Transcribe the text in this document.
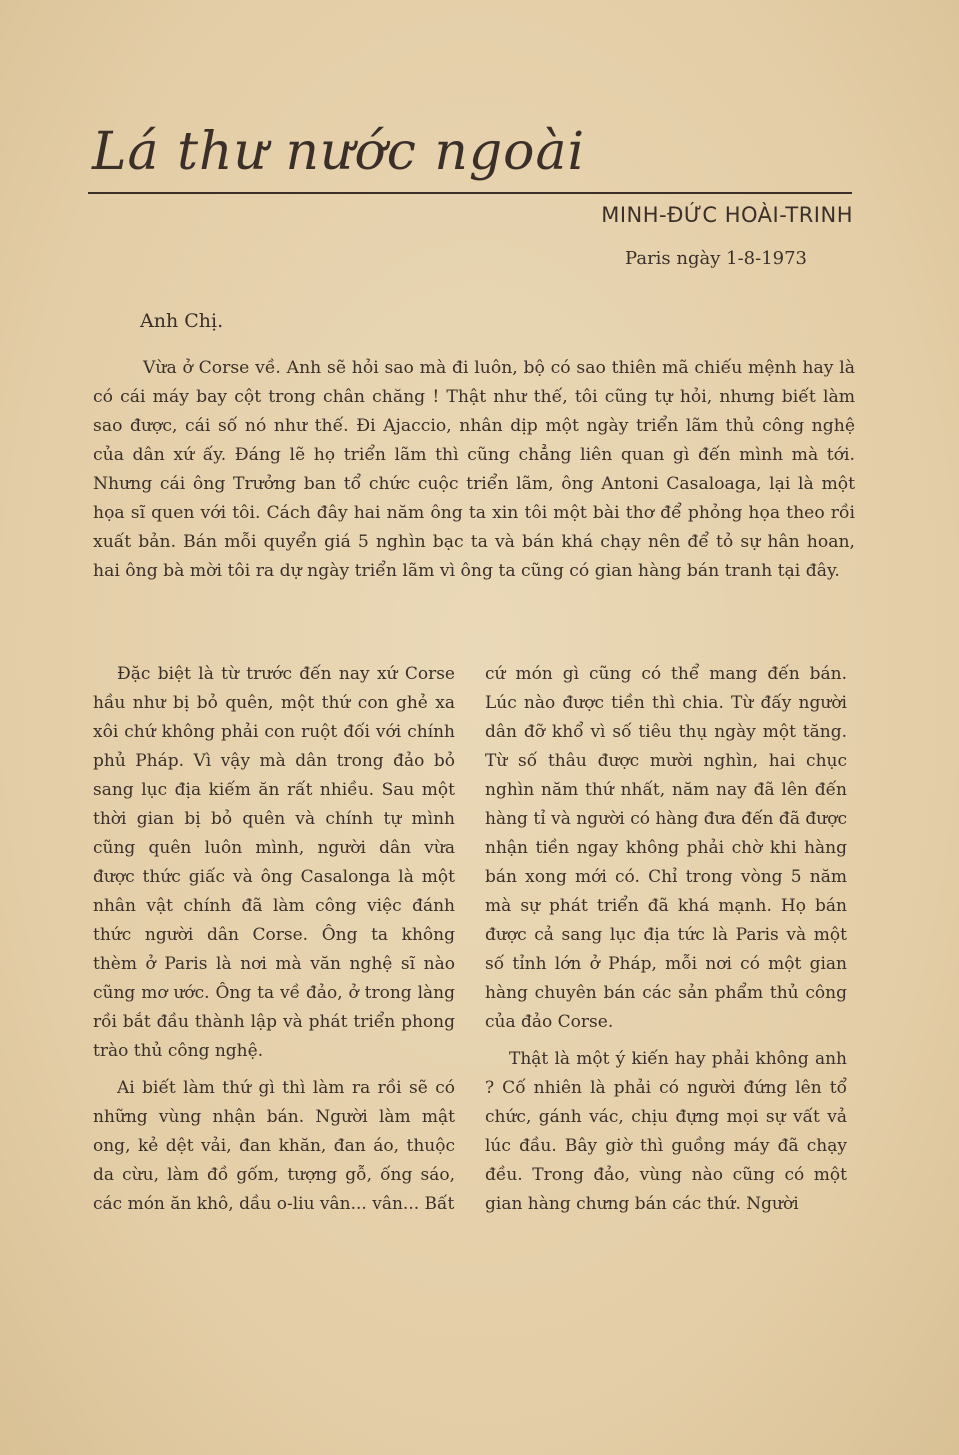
Lá thư nước ngoài
MINH-ĐỨC HOÀI-TRINH
Paris ngày 1-8-1973
Anh Chị.

Vừa ở Corse về. Anh sẽ hỏi sao mà đi luôn, bộ có sao thiên mã chiếu mệnh hay là có cái máy bay cột trong chân chăng ! Thật như thế, tôi cũng tự hỏi, nhưng biết làm sao được, cái số nó như thế. Đi Ajaccio, nhân dịp một ngày triển lãm thủ công nghệ của dân xứ ấy. Đáng lẽ họ triển lãm thì cũng chẳng liên quan gì đến mình mà tới. Nhưng cái ông Trưởng ban tổ chức cuộc triển lãm, ông Antoni Casaloaga, lại là một họa sĩ quen với tôi. Cách đây hai năm ông ta xin tôi một bài thơ để phỏng họa theo rồi xuất bản. Bán mỗi quyển giá 5 nghìn bạc ta và bán khá chạy nên để tỏ sự hân hoan, hai ông bà mời tôi ra dự ngày triển lãm vì ông ta cũng có gian hàng bán tranh tại đây.

Đặc biệt là từ trước đến nay xứ Corse hầu như bị bỏ quên, một thứ con ghẻ xa xôi chứ không phải con ruột đối với chính phủ Pháp. Vì vậy mà dân trong đảo bỏ sang lục địa kiếm ăn rất nhiều. Sau một thời gian bị bỏ quên và chính tự mình cũng quên luôn mình, người dân vừa được thức giấc và ông Casalonga là một nhân vật chính đã làm công việc đánh thức người dân Corse. Ông ta không thèm ở Paris là nơi mà văn nghệ sĩ nào cũng mơ ước. Ông ta về đảo, ở trong làng rồi bắt đầu thành lập và phát triển phong trào thủ công nghệ.

Ai biết làm thứ gì thì làm ra rồi sẽ có những vùng nhận bán. Người làm mật ong, kẻ dệt vải, đan khăn, đan áo, thuộc da cừu, làm đồ gốm, tượng gỗ, ống sáo, các món ăn khô, dầu o-liu vân... vân... Bất

cứ món gì cũng có thể mang đến bán. Lúc nào được tiền thì chia. Từ đấy người dân đỡ khổ vì số tiêu thụ ngày một tăng. Từ số thâu được mười nghìn, hai chục nghìn năm thứ nhất, năm nay đã lên đến hàng tỉ và người có hàng đưa đến đã được nhận tiền ngay không phải chờ khi hàng bán xong mới có. Chỉ trong vòng 5 năm mà sự phát triển đã khá mạnh. Họ bán được cả sang lục địa tức là Paris và một số tỉnh lớn ở Pháp, mỗi nơi có một gian hàng chuyên bán các sản phẩm thủ công của đảo Corse.

Thật là một ý kiến hay phải không anh ? Cố nhiên là phải có người đứng lên tổ chức, gánh vác, chịu đựng mọi sự vất vả lúc đầu. Bây giờ thì guồng máy đã chạy đều. Trong đảo, vùng nào cũng có một gian hàng chưng bán các thứ. Người
